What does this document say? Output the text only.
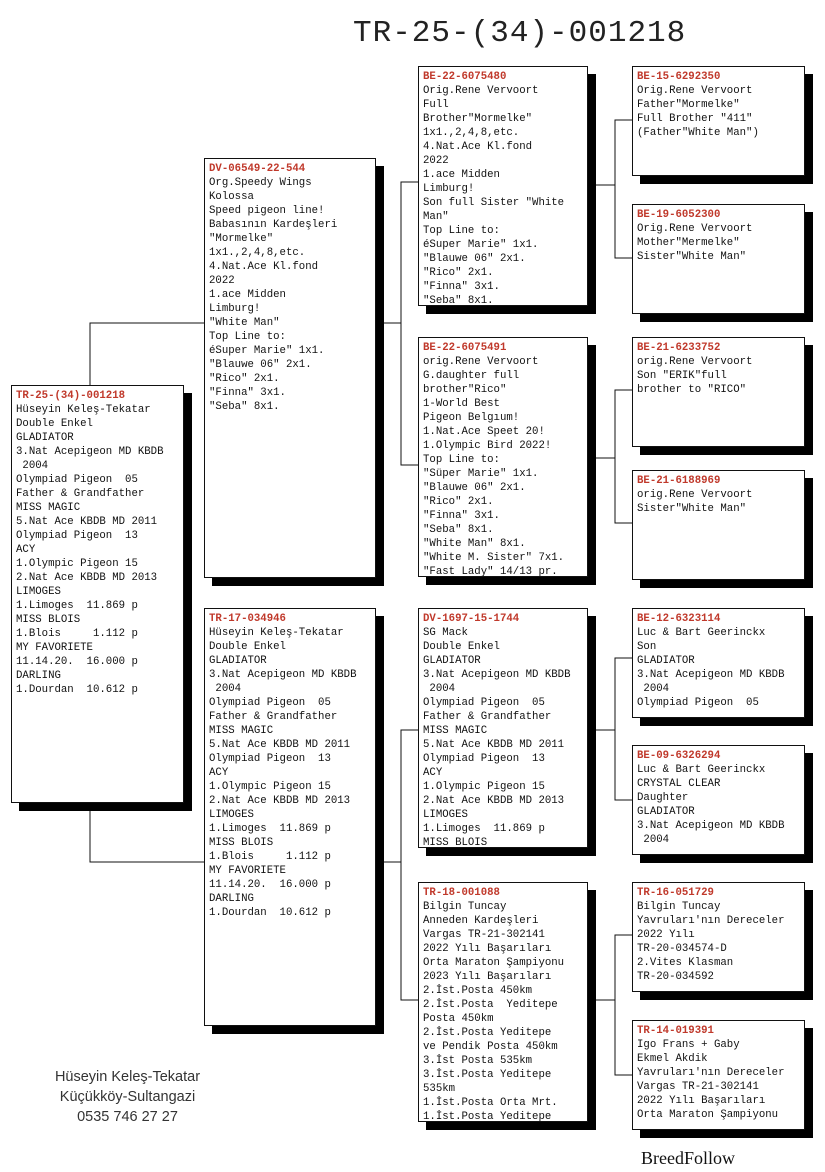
TR-25-(34)-001218
TR-25-(34)-001218
Hüseyin Keleş-Tekatar
Double Enkel
GLADIATOR
3.Nat Acepigeon MD KBDB
2004
Olympiad Pigeon  05
Father & Grandfather
MISS MAGIC
5.Nat Ace KBDB MD 2011
Olympiad Pigeon  13
ACY
1.Olympic Pigeon 15
2.Nat Ace KBDB MD 2013
LIMOGES
1.Limoges  11.869 p
MISS BLOIS
1.Blois     1.112 p
MY FAVORIETE
11.14.20.  16.000 p
DARLING
1.Dourdan  10.612 p
DV-06549-22-544
Org.Speedy Wings
Kolossa
Speed pigeon line!
Babasının Kardeşleri
"Mormelke"
1x1.,2,4,8,etc.
4.Nat.Ace Kl.fond
2022
1.ace Midden
Limburg!
"White Man"
Top Line to:
éSuper Marie" 1x1.
"Blauwe 06" 2x1.
"Rico" 2x1.
"Finna" 3x1.
"Seba" 8x1.
TR-17-034946
Hüseyin Keleş-Tekatar
Double Enkel
GLADIATOR
3.Nat Acepigeon MD KBDB
2004
Olympiad Pigeon  05
Father & Grandfather
MISS MAGIC
5.Nat Ace KBDB MD 2011
Olympiad Pigeon  13
ACY
1.Olympic Pigeon 15
2.Nat Ace KBDB MD 2013
LIMOGES
1.Limoges  11.869 p
MISS BLOIS
1.Blois     1.112 p
MY FAVORIETE
11.14.20.  16.000 p
DARLING
1.Dourdan  10.612 p
BE-22-6075480
Orig.Rene Vervoort
Full
Brother"Mormelke"
1x1.,2,4,8,etc.
4.Nat.Ace Kl.fond
2022
1.ace Midden
Limburg!
Son full Sister "White
Man"
Top Line to:
éSuper Marie" 1x1.
"Blauwe 06" 2x1.
"Rico" 2x1.
"Finna" 3x1.
"Seba" 8x1.
BE-22-6075491
orig.Rene Vervoort
G.daughter full
brother"Rico"
1-World Best
Pigeon Belgıum!
1.Nat.Ace Speet 20!
1.Olympic Bird 2022!
Top Line to:
"Süper Marie" 1x1.
"Blauwe 06" 2x1.
"Rico" 2x1.
"Finna" 3x1.
"Seba" 8x1.
"White Man" 8x1.
"White M. Sister" 7x1.
"Fast Lady" 14/13 pr.
DV-1697-15-1744
SG Mack
Double Enkel
GLADIATOR
3.Nat Acepigeon MD KBDB
2004
Olympiad Pigeon  05
Father & Grandfather
MISS MAGIC
5.Nat Ace KBDB MD 2011
Olympiad Pigeon  13
ACY
1.Olympic Pigeon 15
2.Nat Ace KBDB MD 2013
LIMOGES
1.Limoges  11.869 p
MISS BLOIS
TR-18-001088
Bilgin Tuncay
Anneden Kardeşleri
Vargas TR-21-302141
2022 Yılı Başarıları
Orta Maraton Şampiyonu
2023 Yılı Başarıları
2.İst.Posta 450km
2.İst.Posta  Yeditepe
Posta 450km
2.İst.Posta Yeditepe
ve Pendik Posta 450km
3.İst Posta 535km
3.İst.Posta Yeditepe
535km
1.İst.Posta Orta Mrt.
1.İst.Posta Yeditepe
BE-15-6292350
Orig.Rene Vervoort
Father"Mormelke"
Full Brother "411"
(Father"White Man")
BE-19-6052300
Orig.Rene Vervoort
Mother"Mermelke"
Sister"White Man"
BE-21-6233752
orig.Rene Vervoort
Son "ERIK"full
brother to "RICO"
BE-21-6188969
orig.Rene Vervoort
Sister"White Man"
BE-12-6323114
Luc & Bart Geerinckx
Son
GLADIATOR
3.Nat Acepigeon MD KBDB
2004
Olympiad Pigeon  05
BE-09-6326294
Luc & Bart Geerinckx
CRYSTAL CLEAR
Daughter
GLADIATOR
3.Nat Acepigeon MD KBDB
2004
TR-16-051729
Bilgin Tuncay
Yavruları'nın Dereceler
2022 Yılı
TR-20-034574-D
2.Vites Klasman
TR-20-034592
TR-14-019391
Igo Frans + Gaby
Ekmel Akdik
Yavruları'nın Dereceler
Vargas TR-21-302141
2022 Yılı Başarıları
Orta Maraton Şampiyonu
Hüseyin Keleş-Tekatar
Küçükköy-Sultangazi
0535 746 27 27
BreedFollow
